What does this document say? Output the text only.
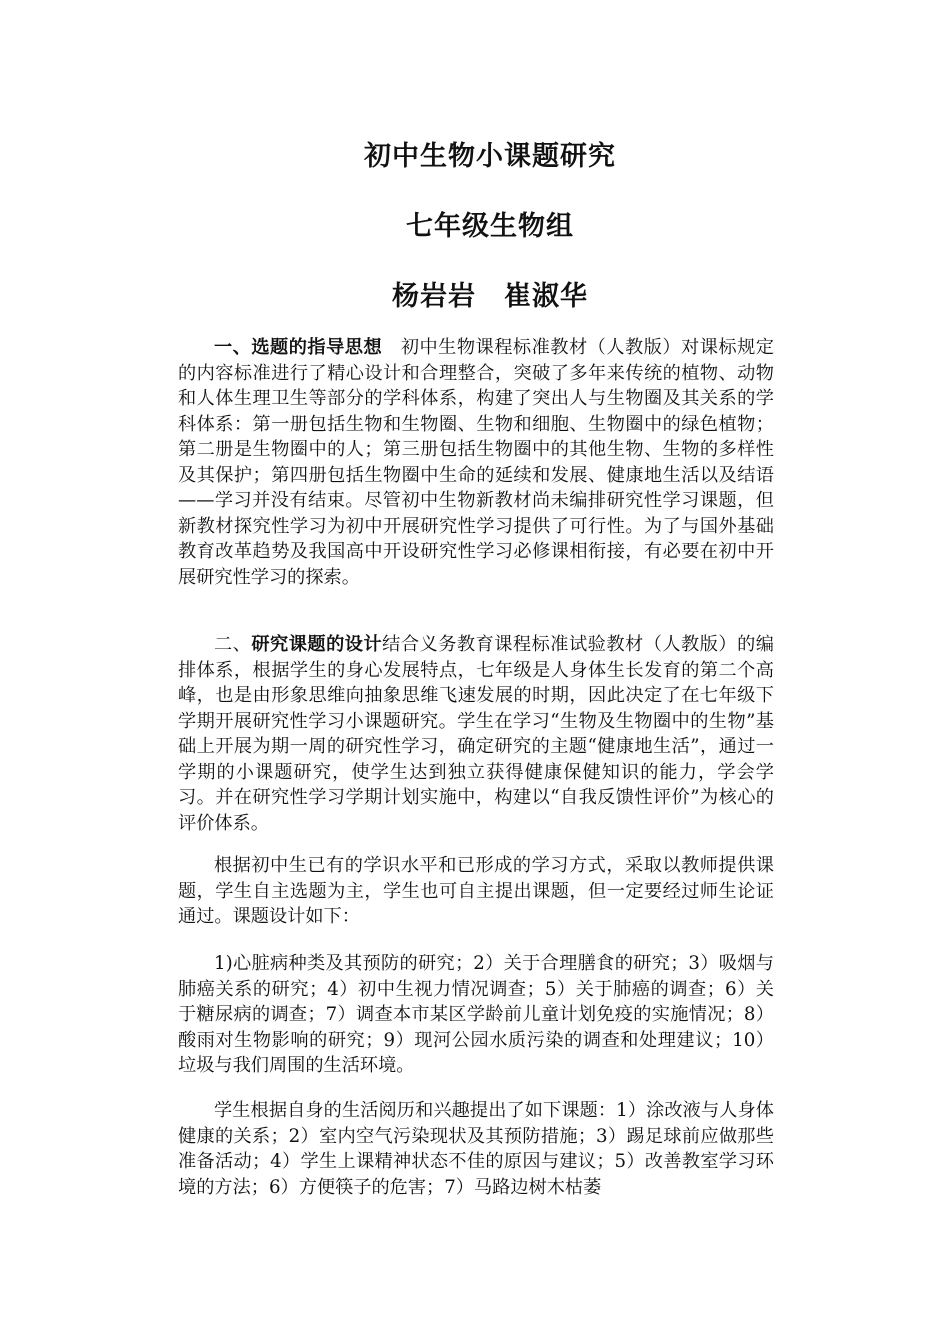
初中生物小课题研究
七年级生物组
杨岩岩　崔淑华

一、选题的指导思想　初中生物课程标准教材（人教版）对课标规定的内容标准进行了精心设计和合理整合，突破了多年来传统的植物、动物和人体生理卫生等部分的学科体系，构建了突出人与生物圈及其关系的学科体系：第一册包括生物和生物圈、生物和细胞、生物圈中的绿色植物；第二册是生物圈中的人；第三册包括生物圈中的其他生物、生物的多样性及其保护；第四册包括生物圈中生命的延续和发展、健康地生活以及结语——学习并没有结束。尽管初中生物新教材尚未编排研究性学习课题，但新教材探究性学习为初中开展研究性学习提供了可行性。为了与国外基础教育改革趋势及我国高中开设研究性学习必修课相衔接，有必要在初中开展研究性学习的探索。

二、研究课题的设计结合义务教育课程标准试验教材（人教版）的编排体系，根据学生的身心发展特点，七年级是人身体生长发育的第二个高峰，也是由形象思维向抽象思维飞速发展的时期，因此决定了在七年级下学期开展研究性学习小课题研究。学生在学习“生物及生物圈中的生物”基础上开展为期一周的研究性学习，确定研究的主题“健康地生活”，通过一学期的小课题研究，使学生达到独立获得健康保健知识的能力，学会学习。并在研究性学习学期计划实施中，构建以“自我反馈性评价”为核心的评价体系。

根据初中生已有的学识水平和已形成的学习方式，采取以教师提供课题，学生自主选题为主，学生也可自主提出课题，但一定要经过师生论证通过。课题设计如下：

1)心脏病种类及其预防的研究；2）关于合理膳食的研究；3）吸烟与肺癌关系的研究；4）初中生视力情况调查；5）关于肺癌的调查；6）关于糖尿病的调查；7）调查本市某区学龄前儿童计划免疫的实施情况；8）酸雨对生物影响的研究；9）现河公园水质污染的调查和处理建议；10）垃圾与我们周围的生活环境。

学生根据自身的生活阅历和兴趣提出了如下课题：1）涂改液与人身体健康的关系；2）室内空气污染现状及其预防措施；3）踢足球前应做那些准备活动；4）学生上课精神状态不佳的原因与建议；5）改善教室学习环境的方法；6）方便筷子的危害；7）马路边树木枯萎
